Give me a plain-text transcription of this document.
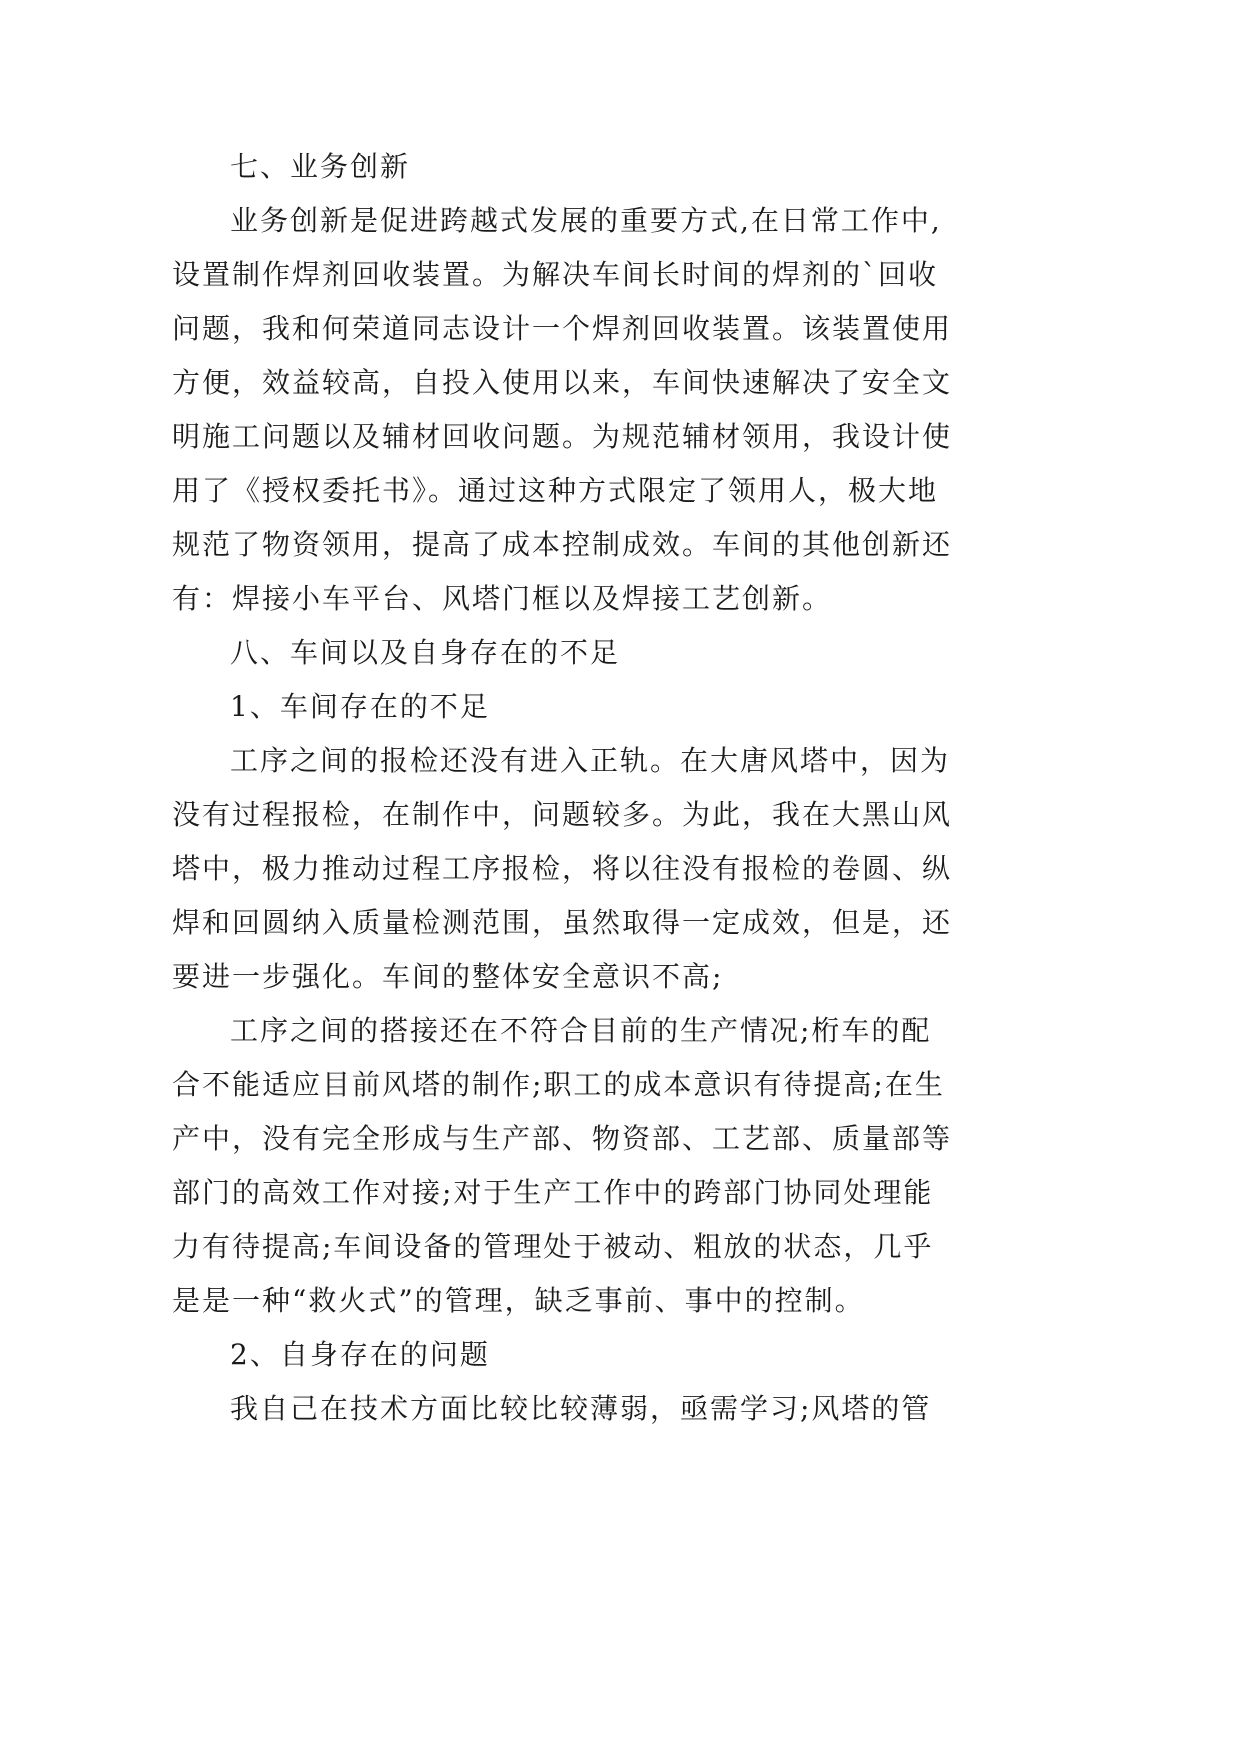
七、业务创新
业务创新是促进跨越式发展的重要方式,在日常工作中,
设置制作焊剂回收装置。为解决车间长时间的焊剂的`回收
问题，我和何荣道同志设计一个焊剂回收装置。该装置使用
方便，效益较高，自投入使用以来，车间快速解决了安全文
明施工问题以及辅材回收问题。为规范辅材领用，我设计使
用了《授权委托书》。通过这种方式限定了领用人，极大地
规范了物资领用，提高了成本控制成效。车间的其他创新还
有：焊接小车平台、风塔门框以及焊接工艺创新。
八、车间以及自身存在的不足
1、车间存在的不足
工序之间的报检还没有进入正轨。在大唐风塔中，因为
没有过程报检，在制作中，问题较多。为此，我在大黑山风
塔中，极力推动过程工序报检，将以往没有报检的卷圆、纵
焊和回圆纳入质量检测范围，虽然取得一定成效，但是，还
要进一步强化。车间的整体安全意识不高;
工序之间的搭接还在不符合目前的生产情况;桁车的配
合不能适应目前风塔的制作;职工的成本意识有待提高;在生
产中，没有完全形成与生产部、物资部、工艺部、质量部等
部门的高效工作对接;对于生产工作中的跨部门协同处理能
力有待提高;车间设备的管理处于被动、粗放的状态，几乎
是是一种“救火式”的管理，缺乏事前、事中的控制。
2、自身存在的问题
我自己在技术方面比较比较薄弱，亟需学习;风塔的管
